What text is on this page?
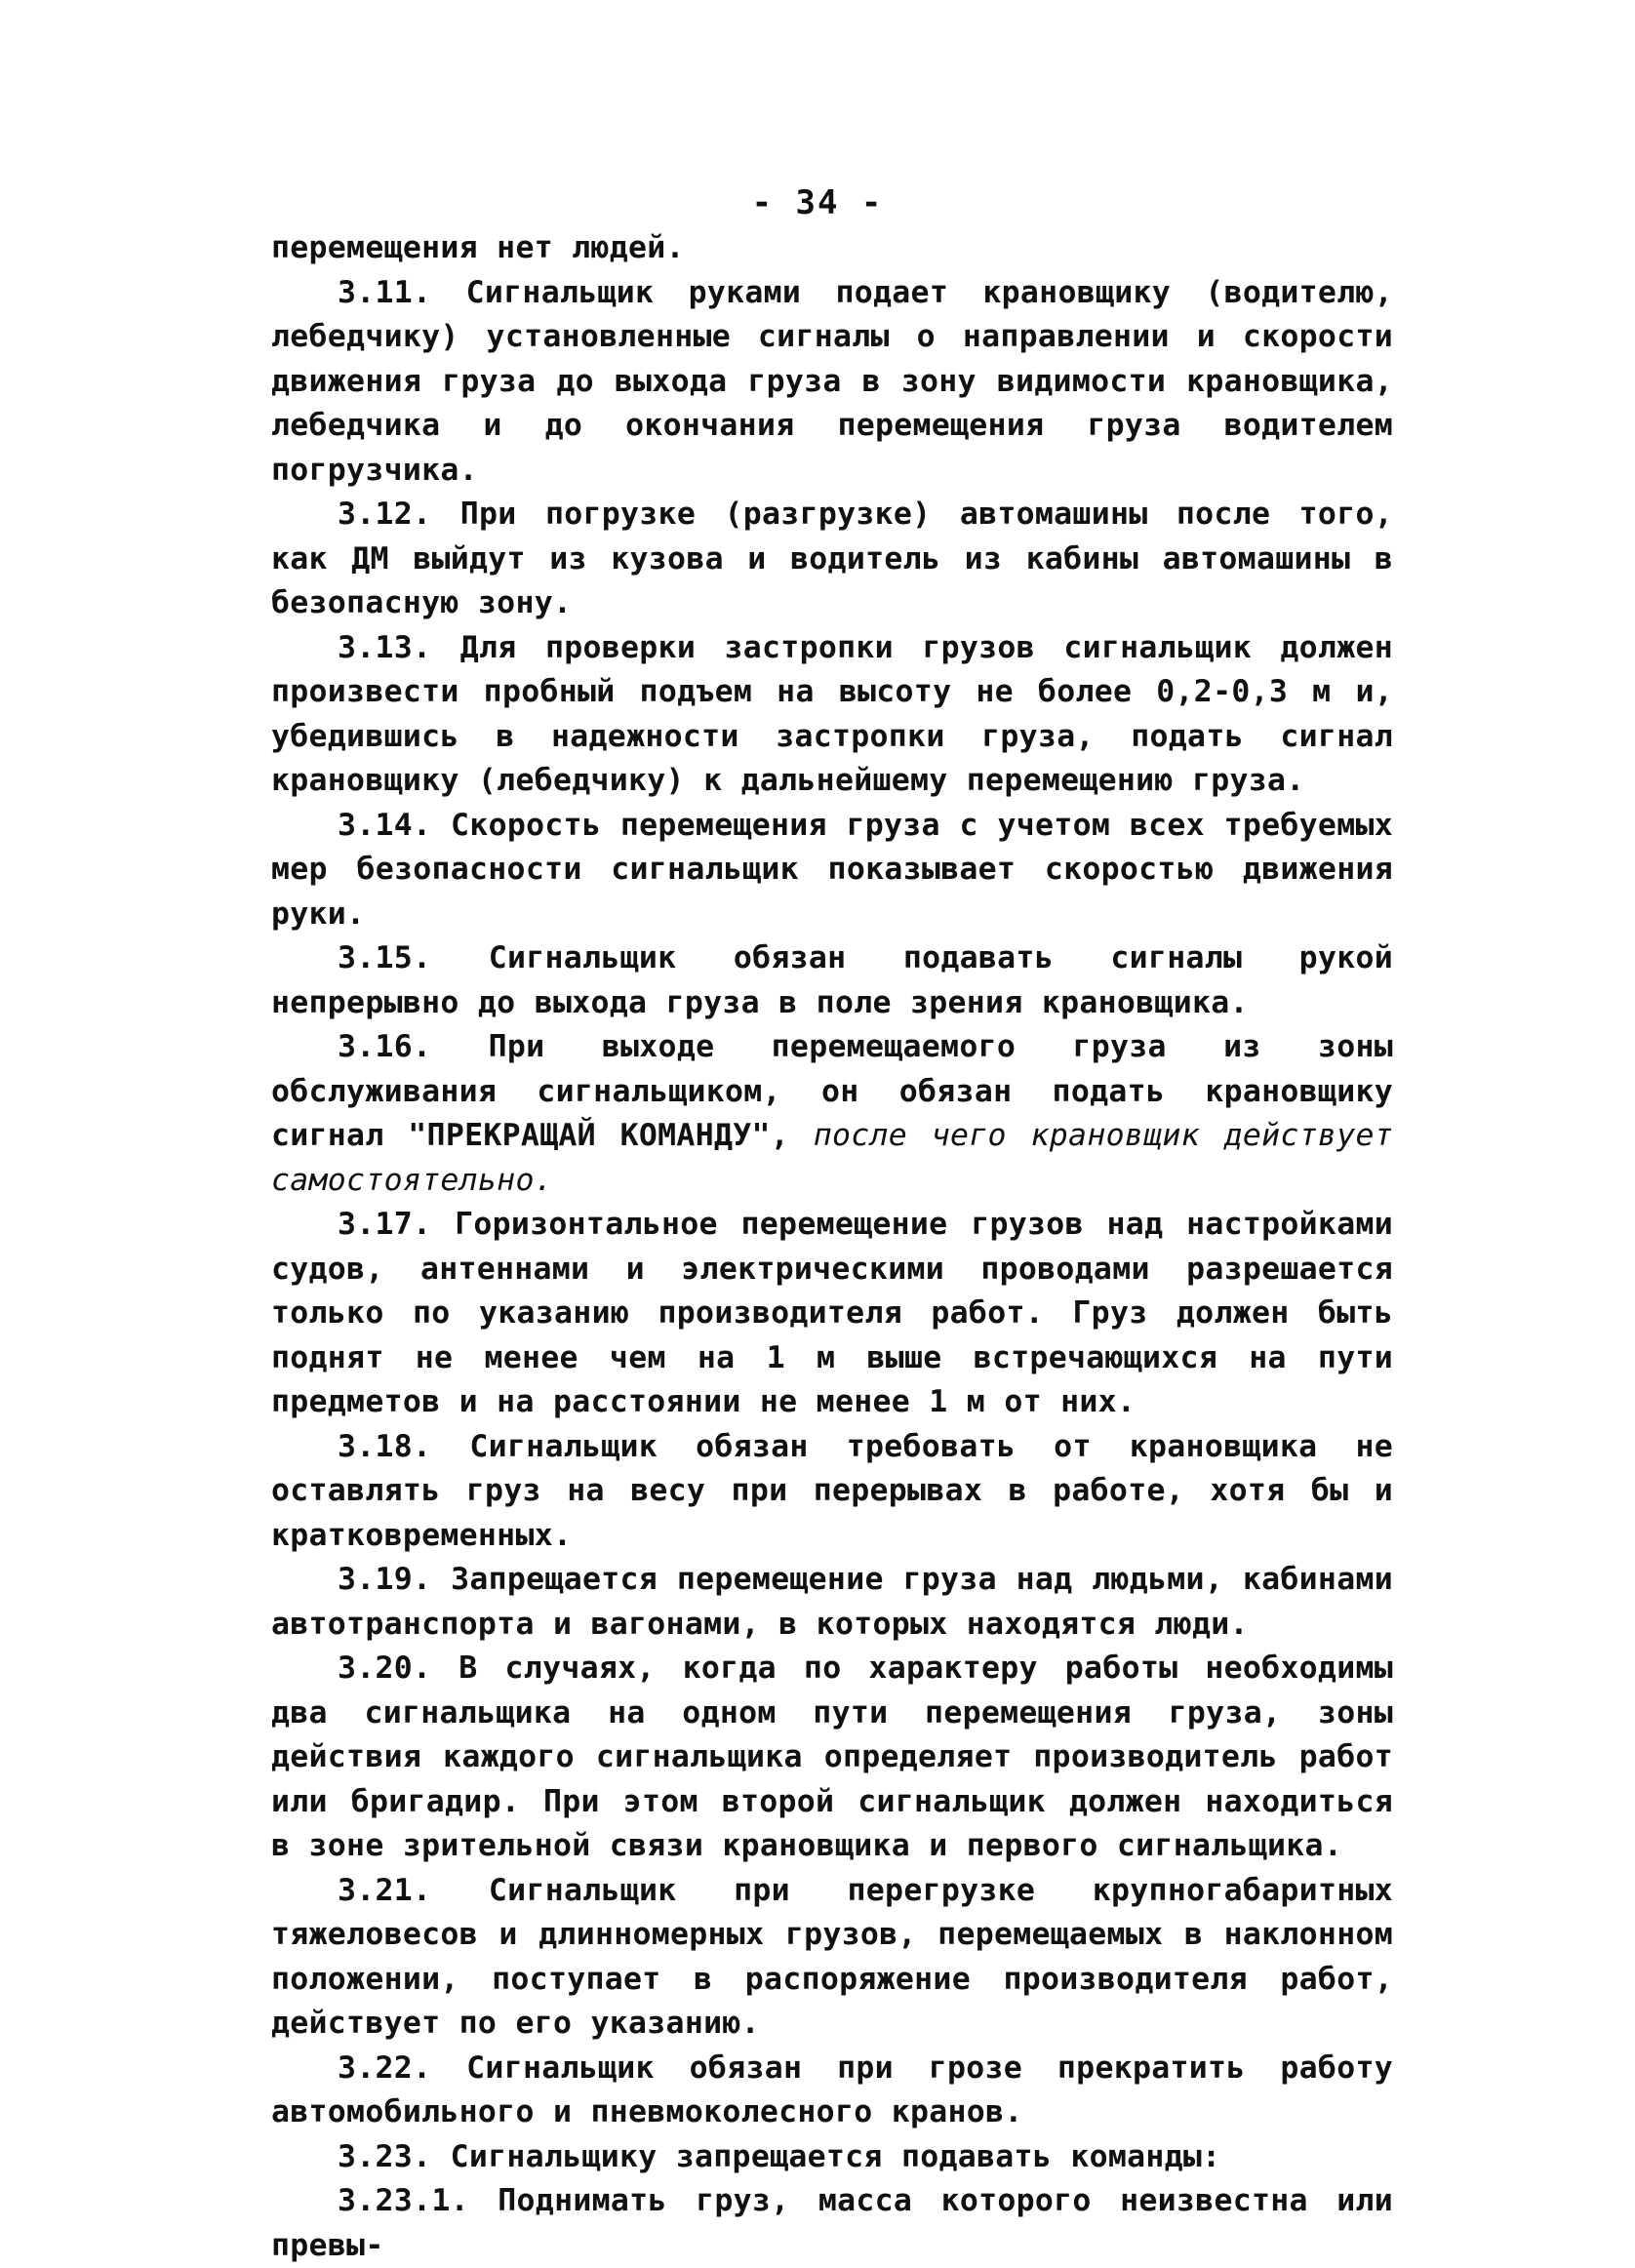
- 34 -

перемещения нет людей.

3.11. Сигнальщик руками подает крановщику (водителю, лебедчику) установленные сигналы о направлении и скорости движения груза до выхода груза в зону видимости крановщика, лебедчика и до окончания перемещения груза водителем погрузчика.

3.12. При погрузке (разгрузке) автомашины после того, как ДМ выйдут из кузова и водитель из кабины автомашины в безопасную зону.

3.13. Для проверки застропки грузов сигнальщик должен произвести пробный подъем на высоту не более 0,2-0,3 м и, убедившись в надежности застропки груза, подать сигнал крановщику (лебедчику) к дальнейшему перемещению груза.

3.14. Скорость перемещения груза с учетом всех требуемых мер безопасности сигнальщик показывает скоростью движения руки.

3.15. Сигнальщик обязан подавать сигналы рукой непрерывно до выхода груза в поле зрения крановщика.

3.16. При выходе перемещаемого груза из зоны обслуживания сигнальщиком, он обязан подать крановщику сигнал "ПРЕКРАЩАЙ КОМАНДУ", после чего крановщик действует самостоятельно.

3.17. Горизонтальное перемещение грузов над настройками судов, антеннами и электрическими проводами разрешается только по указанию производителя работ. Груз должен быть поднят не менее чем на 1 м выше встречающихся на пути предметов и на расстоянии не менее 1 м от них.

3.18. Сигнальщик обязан требовать от крановщика не оставлять груз на весу при перерывах в работе, хотя бы и кратковременных.

3.19. Запрещается перемещение груза над людьми, кабинами автотранспорта и вагонами, в которых находятся люди.

3.20. В случаях, когда по характеру работы необходимы два сигнальщика на одном пути перемещения груза, зоны действия каждого сигнальщика определяет производитель работ или бригадир. При этом второй сигнальщик должен находиться в зоне зрительной связи крановщика и первого сигнальщика.

3.21. Сигнальщик при перегрузке крупногабаритных тяжеловесов и длинномерных грузов, перемещаемых в наклонном положении, поступает в распоряжение производителя работ, действует по его указанию.

3.22. Сигнальщик обязан при грозе прекратить работу автомобильного и пневмоколесного кранов.

3.23. Сигнальщику запрещается подавать команды:

3.23.1. Поднимать груз, масса которого неизвестна или превы-
